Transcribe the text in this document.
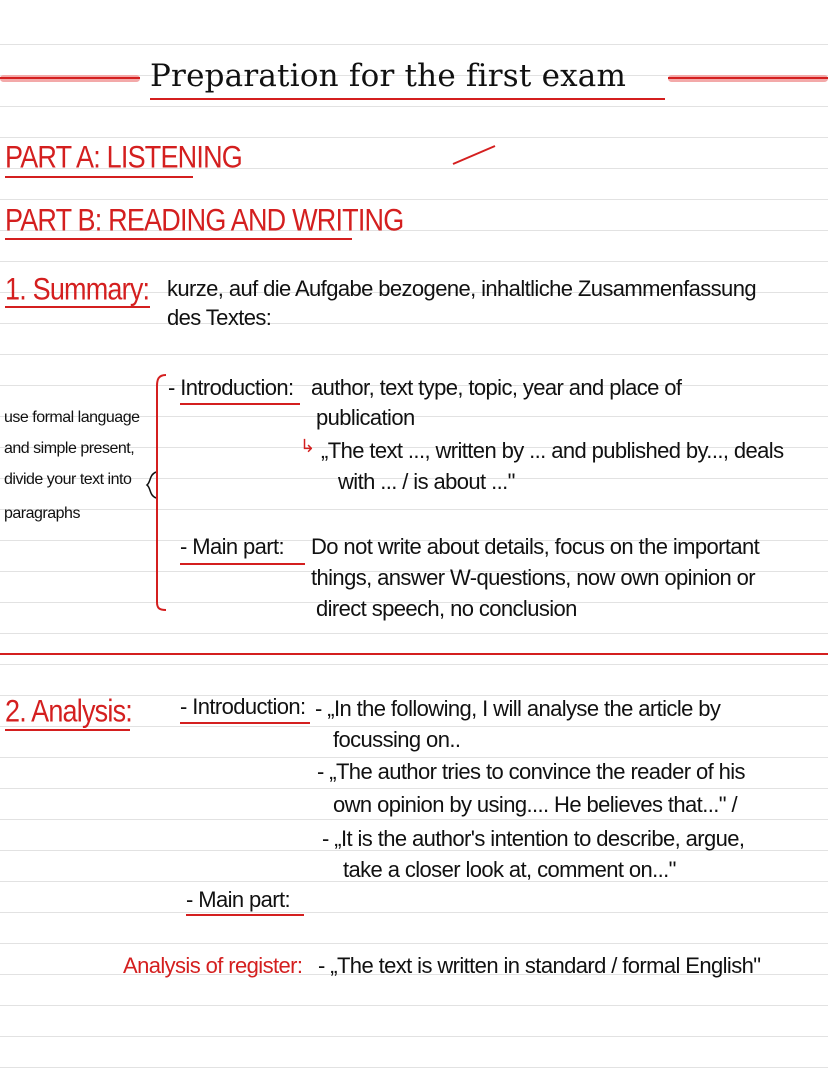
Preparation for the first exam
PART A: LISTENING
PART B: READING AND WRITING
1. Summary: kurze, auf die Aufgabe bezogene, inhaltliche Zusammenfassung
des Textes:
use formal language
and simple present,
divide your text into
paragraphs
- Introduction: author, text type, topic, year and place of
publication
↳ „The text ..., written by ... and published by..., deals
with ... / is about ..."
- Main part: Do not write about details, focus on the important
things, answer W-questions, now own opinion or
direct speech, no conclusion
2. Analysis: - Introduction: - „In the following, I will analyse the article by
focussing on..
- „The author tries to convince the reader of his
own opinion by using.... He believes that..." /
- „It is the author's intention to describe, argue,
take a closer look at, comment on..."
- Main part:
Analysis of register: - „The text is written in standard / formal English"
